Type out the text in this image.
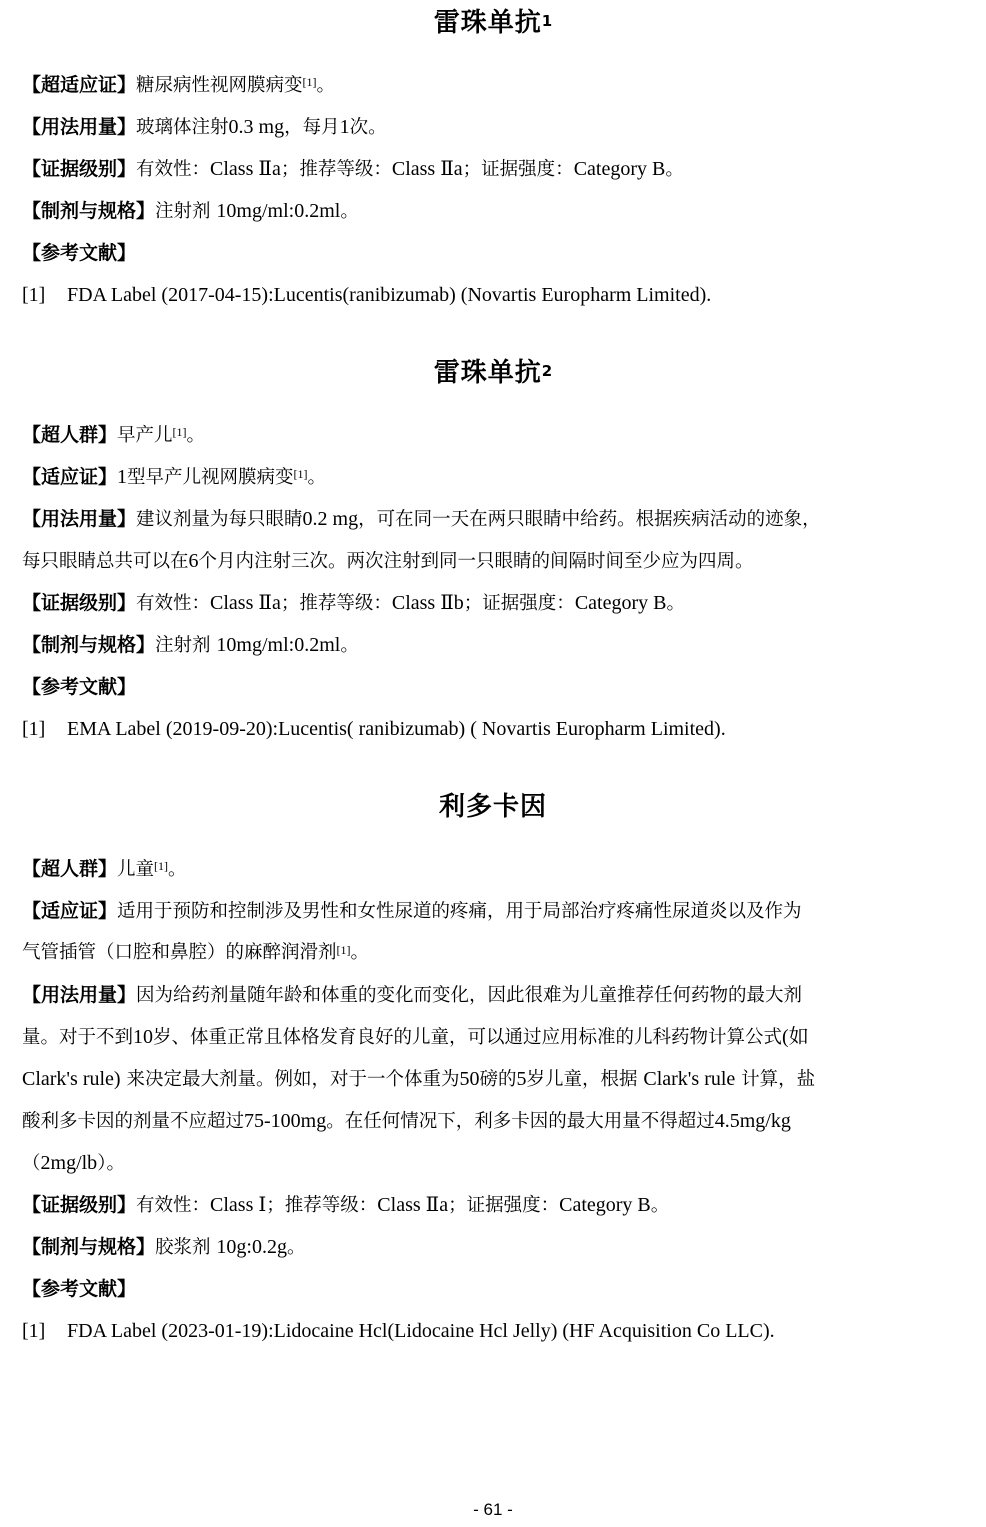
雷珠单抗$^1$
【超适应证】糖尿病性视网膜病变[1]。
【用法用量】玻璃体注射0.3 mg，每月1次。
【证据级别】有效性：Class Ⅱa；推荐等级：Class Ⅱa；证据强度：Category B。
【制剂与规格】注射剂 10mg/ml:0.2ml。
【参考文献】
[1] FDA Label (2017-04-15):Lucentis(ranibizumab) (Novartis Europharm Limited).
雷珠单抗$^2$
【超人群】早产儿[1]。
【适应证】1型早产儿视网膜病变[1]。
【用法用量】建议剂量为每只眼睛0.2 mg，可在同一天在两只眼睛中给药。根据疾病活动的迹象，
每只眼睛总共可以在6个月内注射三次。两次注射到同一只眼睛的间隔时间至少应为四周。
【证据级别】有效性：Class Ⅱa；推荐等级：Class Ⅱb；证据强度：Category B。
【制剂与规格】注射剂 10mg/ml:0.2ml。
【参考文献】
[1] EMA Label (2019-09-20):Lucentis( ranibizumab) ( Novartis Europharm Limited).
利多卡因
【超人群】儿童[1]。
【适应证】适用于预防和控制涉及男性和女性尿道的疼痛，用于局部治疗疼痛性尿道炎以及作为
气管插管（口腔和鼻腔）的麻醉润滑剂[1]。
【用法用量】因为给药剂量随年龄和体重的变化而变化，因此很难为儿童推荐任何药物的最大剂
量。对于不到10岁、体重正常且体格发育良好的儿童，可以通过应用标准的儿科药物计算公式(如
Clark's rule) 来决定最大剂量。例如，对于一个体重为50磅的5岁儿童，根据 Clark's rule 计算，盐
酸利多卡因的剂量不应超过75-100mg。在任何情况下，利多卡因的最大用量不得超过4.5mg/kg
（2mg/lb）。
【证据级别】有效性：Class Ⅰ；推荐等级：Class Ⅱa；证据强度：Category B。
【制剂与规格】胶浆剂 10g:0.2g。
【参考文献】
[1] FDA Label (2023-01-19):Lidocaine Hcl(Lidocaine Hcl Jelly) (HF Acquisition Co LLC).
- 61 -
